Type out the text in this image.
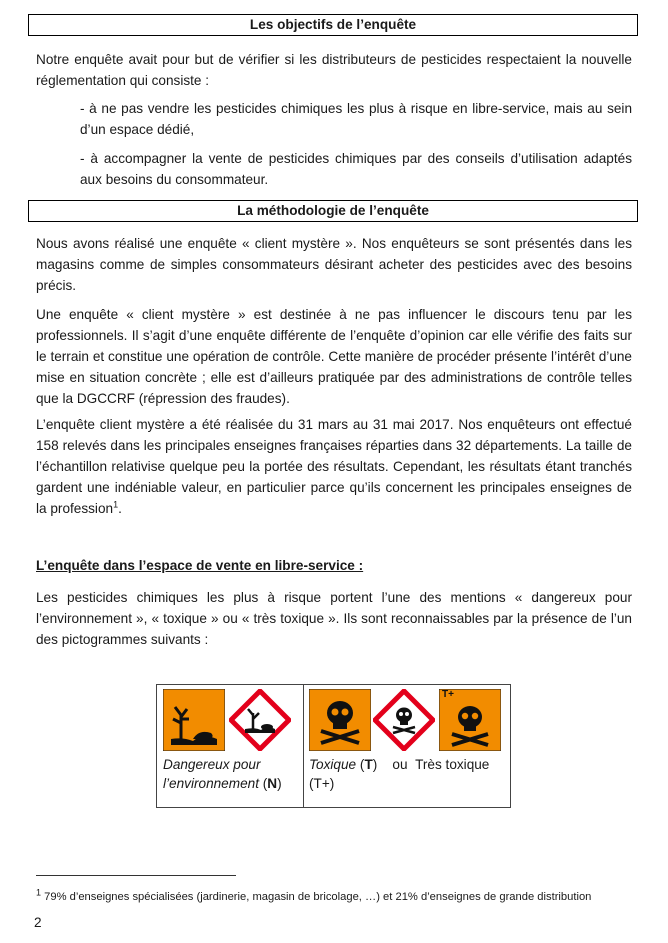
Les objectifs de l’enquête

Notre enquête avait pour but de vérifier si les distributeurs de pesticides respectaient la nouvelle réglementation qui consiste :

- à ne pas vendre les pesticides chimiques les plus à risque en libre-service, mais au sein d’un espace dédié,

- à accompagner la vente de pesticides chimiques par des conseils d’utilisation adaptés aux besoins du consommateur.

La méthodologie de l’enquête

Nous avons réalisé une enquête « client mystère ». Nos enquêteurs se sont présentés dans les magasins comme de simples consommateurs désirant acheter des pesticides avec des besoins précis.

Une enquête « client mystère » est destinée à ne pas influencer le discours tenu par les professionnels. Il s’agit d’une enquête différente de l’enquête d’opinion car elle vérifie des faits sur le terrain et constitue une opération de contrôle. Cette manière de procéder présente l’intérêt d’une mise en situation concrète ; elle est d’ailleurs pratiquée par des administrations de contrôle telles que la DGCCRF (répression des fraudes).

L’enquête client mystère a été réalisée du 31 mars au 31 mai 2017. Nos enquêteurs ont effectué 158 relevés dans les principales enseignes françaises réparties dans 32 départements. La taille de l’échantillon relativise quelque peu la portée des résultats. Cependant, les résultats étant tranchés gardent une indéniable valeur, en particulier parce qu’ils concernent les principales enseignes de la profession$^1$.

L’enquête dans l’espace de vente en libre-service :

Les pesticides chimiques les plus à risque portent l’une des mentions « dangereux pour l’environnement », « toxique » ou « très toxique ». Ils sont reconnaissables par la présence de l’un des pictogrammes suivants :

Dangereux pour
l’environnement (N)
T+
Toxique (T)    ou Très toxique
(T+)
$^1$ 79% d’enseignes spécialisées (jardinerie, magasin de bricolage, …) et 21% d’enseignes de grande distribution
2
